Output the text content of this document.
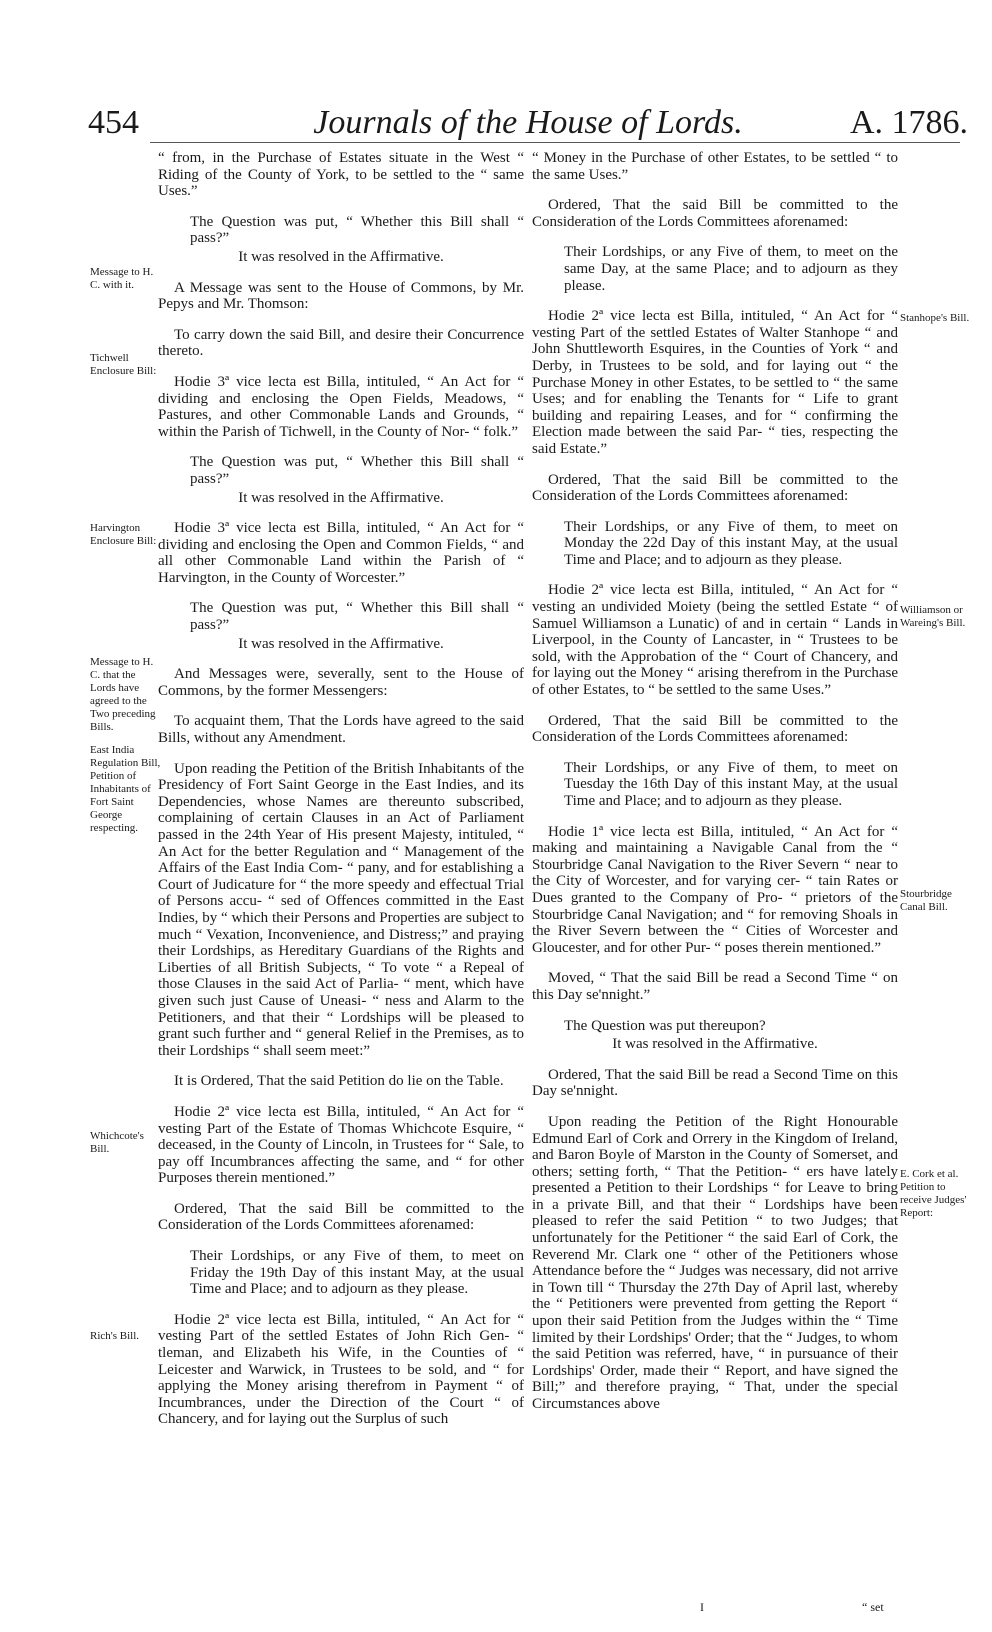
454	Journals of the House of Lords.	A. 1786.
Message to H. C. with it.
Tichwell Enclosure Bill:
Harvington Enclosure Bill:
Message to H. C. that the Lords have agreed to the Two preceding Bills.
East India Regulation Bill, Petition of Inhabitants of Fort Saint George respecting.
Whichcote's Bill.
Rich's Bill.
Stanhope's Bill.
Williamson or Wareing's Bill.
Stourbridge Canal Bill.
E. Cork et al. Petition to receive Judges' Report:

“ from, in the Purchase of Estates situate in the West “ Riding of the County of York, to be settled to the “ same Uses.”

The Question was put, “ Whether this Bill shall “ pass?”

It was resolved in the Affirmative.

A Message was sent to the House of Commons, by Mr. Pepys and Mr. Thomson:

To carry down the said Bill, and desire their Concurrence thereto.

Hodie 3ª vice lecta est Billa, intituled, “ An Act for “ dividing and enclosing the Open Fields, Meadows, “ Pastures, and other Commonable Lands and Grounds, “ within the Parish of Tichwell, in the County of Nor- “ folk.”

The Question was put, “ Whether this Bill shall “ pass?”

It was resolved in the Affirmative.

Hodie 3ª vice lecta est Billa, intituled, “ An Act for “ dividing and enclosing the Open and Common Fields, “ and all other Commonable Land within the Parish of “ Harvington, in the County of Worcester.”

The Question was put, “ Whether this Bill shall “ pass?”

It was resolved in the Affirmative.

And Messages were, severally, sent to the House of Commons, by the former Messengers:

To acquaint them, That the Lords have agreed to the said Bills, without any Amendment.

Upon reading the Petition of the British Inhabitants of the Presidency of Fort Saint George in the East Indies, and its Dependencies, whose Names are thereunto subscribed, complaining of certain Clauses in an Act of Parliament passed in the 24th Year of His present Majesty, intituled, “ An Act for the better Regulation and “ Management of the Affairs of the East India Com- “ pany, and for establishing a Court of Judicature for “ the more speedy and effectual Trial of Persons accu- “ sed of Offences committed in the East Indies, by “ which their Persons and Properties are subject to much “ Vexation, Inconvenience, and Distress;” and praying their Lordships, as Hereditary Guardians of the Rights and Liberties of all British Subjects, “ To vote “ a Repeal of those Clauses in the said Act of Parlia- “ ment, which have given such just Cause of Uneasi- “ ness and Alarm to the Petitioners, and that their “ Lordships will be pleased to grant such further and “ general Relief in the Premises, as to their Lordships “ shall seem meet:”

It is Ordered, That the said Petition do lie on the Table.

Hodie 2ª vice lecta est Billa, intituled, “ An Act for “ vesting Part of the Estate of Thomas Whichcote Esquire, “ deceased, in the County of Lincoln, in Trustees for “ Sale, to pay off Incumbrances affecting the same, and “ for other Purposes therein mentioned.”

Ordered, That the said Bill be committed to the Consideration of the Lords Committees aforenamed:

Their Lordships, or any Five of them, to meet on Friday the 19th Day of this instant May, at the usual Time and Place; and to adjourn as they please.

Hodie 2ª vice lecta est Billa, intituled, “ An Act for “ vesting Part of the settled Estates of John Rich Gen- “ tleman, and Elizabeth his Wife, in the Counties of “ Leicester and Warwick, in Trustees to be sold, and “ for applying the Money arising therefrom in Payment “ of Incumbrances, under the Direction of the Court “ of Chancery, and for laying out the Surplus of such

“ Money in the Purchase of other Estates, to be settled “ to the same Uses.”

Ordered, That the said Bill be committed to the Consideration of the Lords Committees aforenamed:

Their Lordships, or any Five of them, to meet on the same Day, at the same Place; and to adjourn as they please.

Hodie 2ª vice lecta est Billa, intituled, “ An Act for “ vesting Part of the settled Estates of Walter Stanhope “ and John Shuttleworth Esquires, in the Counties of York “ and Derby, in Trustees to be sold, and for laying out “ the Purchase Money in other Estates, to be settled to “ the same Uses; and for enabling the Tenants for “ Life to grant building and repairing Leases, and for “ confirming the Election made between the said Par- “ ties, respecting the said Estate.”

Ordered, That the said Bill be committed to the Consideration of the Lords Committees aforenamed:

Their Lordships, or any Five of them, to meet on Monday the 22d Day of this instant May, at the usual Time and Place; and to adjourn as they please.

Hodie 2ª vice lecta est Billa, intituled, “ An Act for “ vesting an undivided Moiety (being the settled Estate “ of Samuel Williamson a Lunatic) of and in certain “ Lands in Liverpool, in the County of Lancaster, in “ Trustees to be sold, with the Approbation of the “ Court of Chancery, and for laying out the Money “ arising therefrom in the Purchase of other Estates, to “ be settled to the same Uses.”

Ordered, That the said Bill be committed to the Consideration of the Lords Committees aforenamed:

Their Lordships, or any Five of them, to meet on Tuesday the 16th Day of this instant May, at the usual Time and Place; and to adjourn as they please.

Hodie 1ª vice lecta est Billa, intituled, “ An Act for “ making and maintaining a Navigable Canal from the “ Stourbridge Canal Navigation to the River Severn “ near to the City of Worcester, and for varying cer- “ tain Rates or Dues granted to the Company of Pro- “ prietors of the Stourbridge Canal Navigation; and “ for removing Shoals in the River Severn between the “ Cities of Worcester and Gloucester, and for other Pur- “ poses therein mentioned.”

Moved, “ That the said Bill be read a Second Time “ on this Day se'nnight.”

The Question was put thereupon?

It was resolved in the Affirmative.

Ordered, That the said Bill be read a Second Time on this Day se'nnight.

Upon reading the Petition of the Right Honourable Edmund Earl of Cork and Orrery in the Kingdom of Ireland, and Baron Boyle of Marston in the County of Somerset, and others; setting forth, “ That the Petition- “ ers have lately presented a Petition to their Lordships “ for Leave to bring in a private Bill, and that their “ Lordships have been pleased to refer the said Petition “ to two Judges; that unfortunately for the Petitioner “ the said Earl of Cork, the Reverend Mr. Clark one “ other of the Petitioners whose Attendance before the “ Judges was necessary, did not arrive in Town till “ Thursday the 27th Day of April last, whereby the “ Petitioners were prevented from getting the Report “ upon their said Petition from the Judges within the “ Time limited by their Lordships' Order; that the “ Judges, to whom the said Petition was referred, have, “ in pursuance of their Lordships' Order, made their “ Report, and have signed the Bill;” and therefore praying, “ That, under the special Circumstances above

I	“ set
